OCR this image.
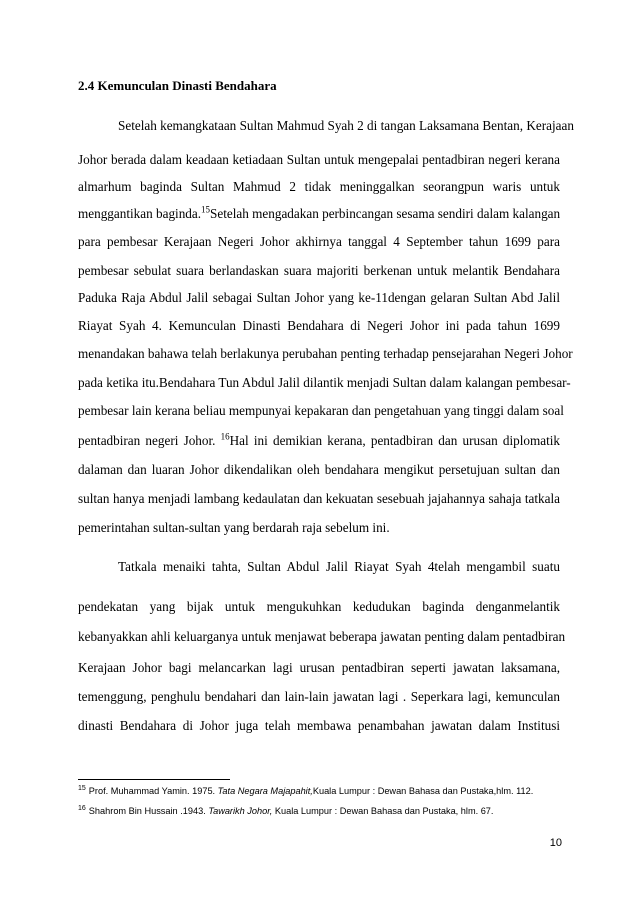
2.4 Kemunculan Dinasti Bendahara
Setelah kemangkataan Sultan Mahmud Syah 2 di tangan Laksamana Bentan, Kerajaan
Johor berada dalam keadaan ketiadaan Sultan untuk mengepalai pentadbiran negeri kerana
almarhum baginda Sultan Mahmud 2 tidak meninggalkan seorangpun waris untuk
menggantikan baginda.$^{15}$Setelah mengadakan perbincangan sesama sendiri dalam kalangan
para pembesar Kerajaan Negeri Johor akhirnya tanggal 4 September tahun 1699 para
pembesar sebulat suara berlandaskan suara majoriti berkenan untuk melantik Bendahara
Paduka Raja Abdul Jalil sebagai Sultan Johor yang ke-11dengan gelaran Sultan Abd Jalil
Riayat Syah 4. Kemunculan Dinasti Bendahara di Negeri Johor ini pada tahun 1699
menandakan bahawa telah berlakunya perubahan penting terhadap pensejarahan Negeri Johor
pada ketika itu.Bendahara Tun Abdul Jalil dilantik menjadi Sultan dalam kalangan pembesar-
pembesar lain kerana beliau mempunyai kepakaran dan pengetahuan yang tinggi dalam soal
pentadbiran negeri Johor. $^{16}$Hal ini demikian kerana, pentadbiran dan urusan diplomatik
dalaman dan luaran Johor dikendalikan oleh bendahara mengikut persetujuan sultan dan
sultan hanya menjadi lambang kedaulatan dan kekuatan sesebuah jajahannya sahaja tatkala
pemerintahan sultan-sultan yang berdarah raja sebelum ini.
Tatkala menaiki tahta, Sultan Abdul Jalil Riayat Syah 4telah mengambil suatu
pendekatan yang bijak untuk mengukuhkan kedudukan baginda denganmelantik
kebanyakkan ahli keluarganya untuk menjawat beberapa jawatan penting dalam pentadbiran
Kerajaan Johor bagi melancarkan lagi urusan pentadbiran seperti jawatan laksamana,
temenggung, penghulu bendahari dan lain-lain jawatan lagi . Seperkara lagi, kemunculan
dinasti Bendahara di Johor juga telah membawa penambahan jawatan dalam Institusi
$^{15}$ Prof. Muhammad Yamin. 1975. Tata Negara Majapahit,Kuala Lumpur : Dewan Bahasa dan Pustaka,hlm. 112.
$^{16}$ Shahrom Bin Hussain .1943. Tawarikh Johor, Kuala Lumpur : Dewan Bahasa dan Pustaka, hlm. 67.
10
